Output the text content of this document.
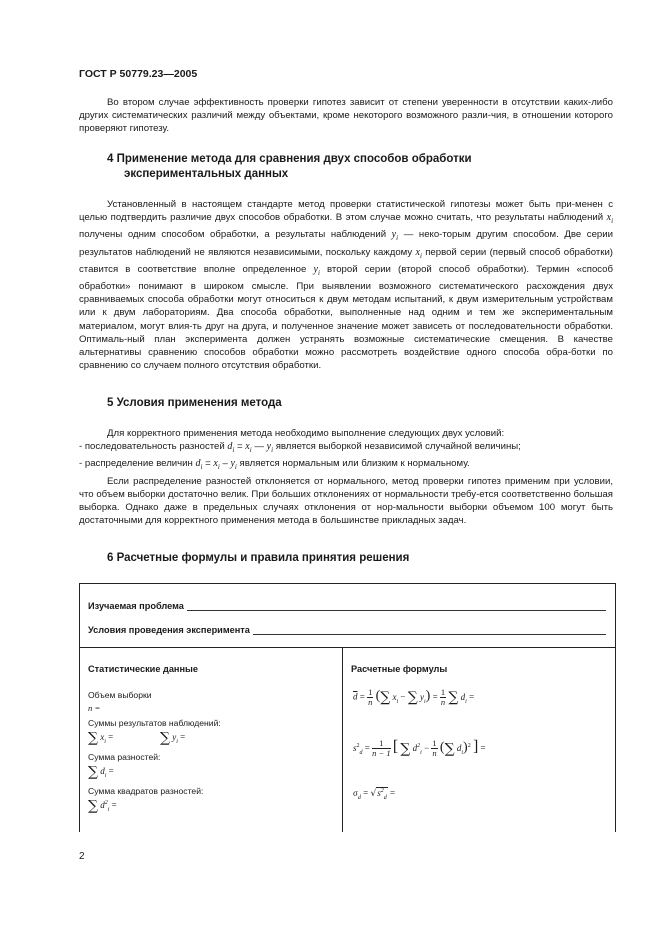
ГОСТ Р 50779.23—2005

Во втором случае эффективность проверки гипотез зависит от степени уверенности в отсутствии каких-либо других систематических различий между объектами, кроме некоторого возможного разли-чия, в отношении которого проверяют гипотезу.

4 Применение метода для сравнения двух способов обработки
экспериментальных данных

Установленный в настоящем стандарте метод проверки статистической гипотезы может быть при-менен с целью подтвердить различие двух способов обработки. В этом случае можно считать, что результаты наблюдений $x_i$ получены одним способом обработки, а результаты наблюдений $y_i$ — неко-торым другим способом. Две серии результатов наблюдений не являются независимыми, поскольку каждому $x_i$ первой серии (первый способ обработки) ставится в соответствие вполне определенное $y_i$ второй серии (второй способ обработки). Термин «способ обработки» понимают в широком смысле. При выявлении возможного систематического расхождения двух сравниваемых способа обработки могут относиться к двум методам испытаний, к двум измерительным устройствам или к двум лабораториям. Два способа обработки, выполненные над одним и тем же экспериментальным материалом, могут влия-ть друг на друга, и полученное значение может зависеть от последовательности обработки. Оптималь-ный план эксперимента должен устранять возможные систематические смещения. В качестве альтернативы сравнению способов обработки можно рассмотреть воздействие одного способа обра-ботки по сравнению со случаем полного отсутствия обработки.

5 Условия применения метода

Для корректного применения метода необходимо выполнение следующих двух условий:

- последовательность разностей $d_i = x_i$ — $y_i$ является выборкой независимой случайной величины;

- распределение величин $d_i = x_i - y_i$ является нормальным или близким к нормальному.

Если распределение разностей отклоняется от нормального, метод проверки гипотез применим при условии, что объем выборки достаточно велик. При больших отклонениях от нормальности требу-ется соответственно большая выборка. Однако даже в предельных случаях отклонения от нор-мальности выборки объемом 100 могут быть достаточными для корректного применения метода в большинстве прикладных задач.

6 Расчетные формулы и правила принятия решения
Изучаемая проблема
Условия проведения эксперимента
Статистические данные
Объем выборки
n =
Суммы результатов наблюдений:
∑ $x_i$ =	∑ $y_i$ =
Сумма разностей:
∑ $d_i$ =
Сумма квадратов разностей:
∑ $d^2_i$ =
Расчетные формулы
$\overline{d} = \frac{1}{n}$ (∑ $x_i$ − ∑ $y_i) = \frac{1}{n}$ ∑ $d_i$ =
$s^2_d = \frac{1}{n - 1}$ [ ∑ $d^2_i - \frac{1}{n}$ (∑ $d_i)^2$ ] =
$\sigma_d = √s^2_d$ =
2
